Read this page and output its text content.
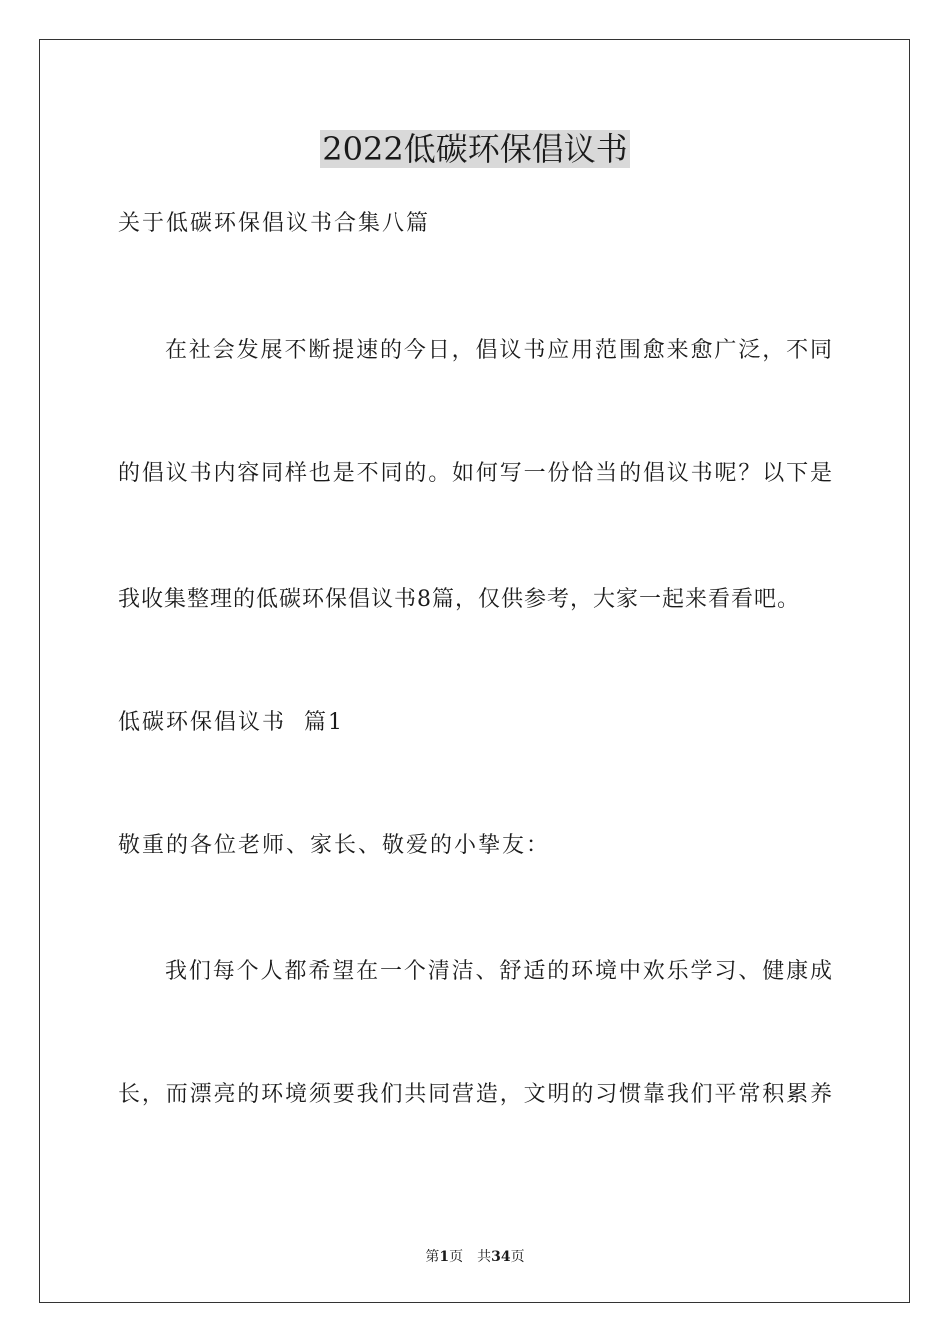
2022低碳环保倡议书
关于低碳环保倡议书合集八篇
在社会发展不断提速的今日，倡议书应用范围愈来愈广泛，不同
的倡议书内容同样也是不同的。如何写一份恰当的倡议书呢？以下是
我收集整理的低碳环保倡议书8篇，仅供参考，大家一起来看看吧。
低碳环保倡议书  篇1
敬重的各位老师、家长、敬爱的小挚友：
我们每个人都希望在一个清洁、舒适的环境中欢乐学习、健康成
长，而漂亮的环境须要我们共同营造，文明的习惯靠我们平常积累养
第1页 共34页
